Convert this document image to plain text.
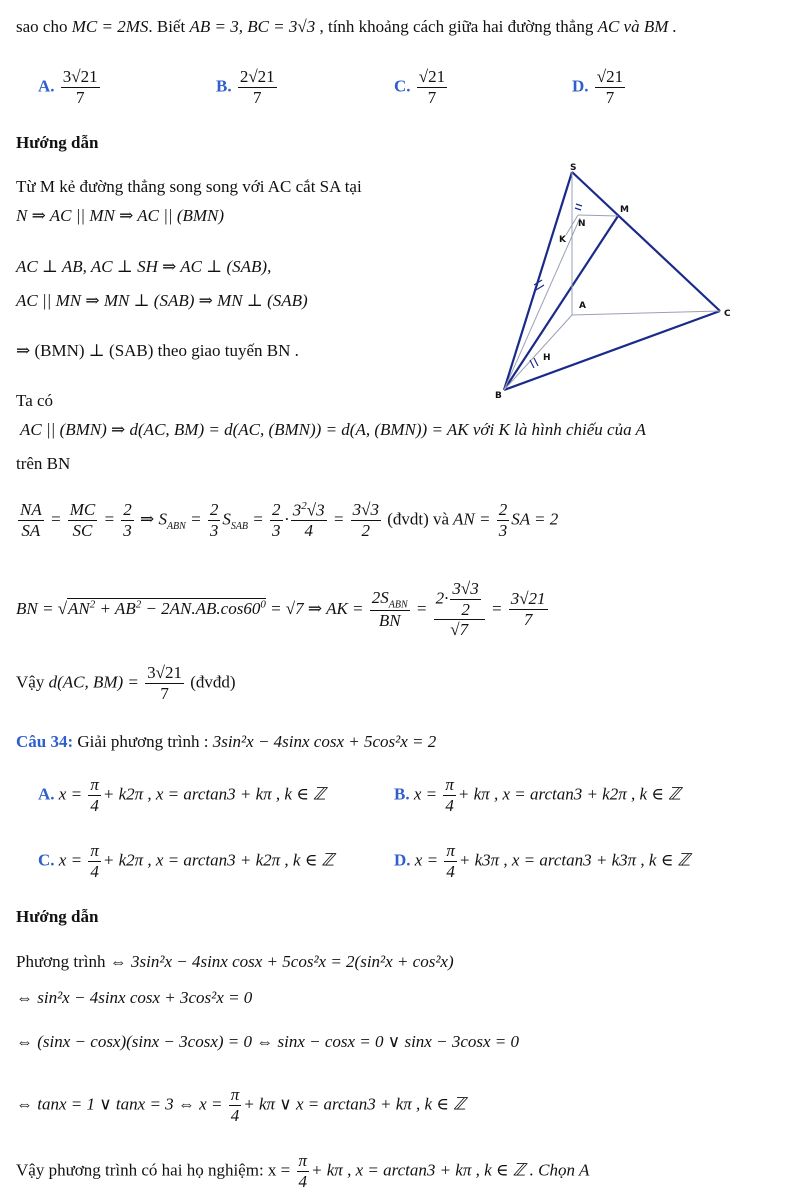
sao cho MC = 2MS. Biết AB = 3, BC = 3√3 , tính khoảng cách giữa hai đường thẳng AC và BM .
A. $\frac{3√21}{7}$	B. $\frac{2√21}{7}$	C. $\frac{√21}{7}$	D. $\frac{√21}{7}$
Hướng dẫn
Từ M kẻ đường thẳng song song với AC cắt SA tại
N ⇒ AC || MN ⇒ AC || (BMN)
AC ⊥ AB, AC ⊥ SH ⇒ AC ⊥ (SAB),
AC || MN ⇒ MN ⊥ (SAB) ⇒ MN ⊥ (SAB)
⇒ (BMN) ⊥ (SAB) theo giao tuyến BN .
S
M
N
K
A
C
H
B
Ta có
AC || (BMN) ⇒ d(AC, BM) = d(AC, (BMN)) = d(A, (BMN)) = AK với K là hình chiếu của A
trên BN
$\frac{NA}{SA} = \frac{MC}{SC} = \frac{2}{3}$ ⇒ $S_{ABN} = \frac{2}{3} S_{SAB} = \frac{2}{3} \cdot \frac{3^2√3}{4} = \frac{3√3}{2}$ (đvdt) và AN = $\frac{2}{3}$ SA = 2
BN = $√AN^2 + AB^2 - 2AN.AB.\cos 60^0 = √7$ ⇒ AK = $\frac{2S_{ABN}}{BN} = \frac{2\cdot \frac{3√3}{2}}{√7} = \frac{3√21}{7}$
Vậy d(AC, $BM) = \frac{3√21}{7}$ (đvđd)
Câu 34: Giải phương trình : 3sin²x − 4sinx cosx + 5cos²x = 2
A. $x = \frac{\pi}{4} + k2\pi$ , x = arctan3 + kπ , k ∈ ℤ	B. $x = \frac{\pi}{4} + k\pi$ , x = arctan3 + k2π , k ∈ ℤ
C. $x = \frac{\pi}{4} + k2\pi$ , x = arctan3 + k2π , k ∈ ℤ	D. $x = \frac{\pi}{4} + k3\pi$ , x = arctan3 + k3π , k ∈ ℤ
Hướng dẫn
Phương trình ⇔ 3sin²x − 4sinx cosx + 5cos²x = 2(sin²x + cos²x)
⇔ sin²x − 4sinx cosx + 3cos²x = 0
⇔ (sinx − cosx)(sinx − 3cosx) = 0 ⇔ sinx − cosx = 0 ∨ sinx − 3cosx = 0
⇔ tanx = 1 ∨ tanx = 3 ⇔ $x = \frac{\pi}{4} + k\pi$ ∨ x = arctan3 + kπ , k ∈ ℤ
Vậy phương trình có hai họ nghiệm: $x = \frac{\pi}{4} + k\pi$ , x = arctan3 + kπ , k ∈ ℤ . Chọn A
